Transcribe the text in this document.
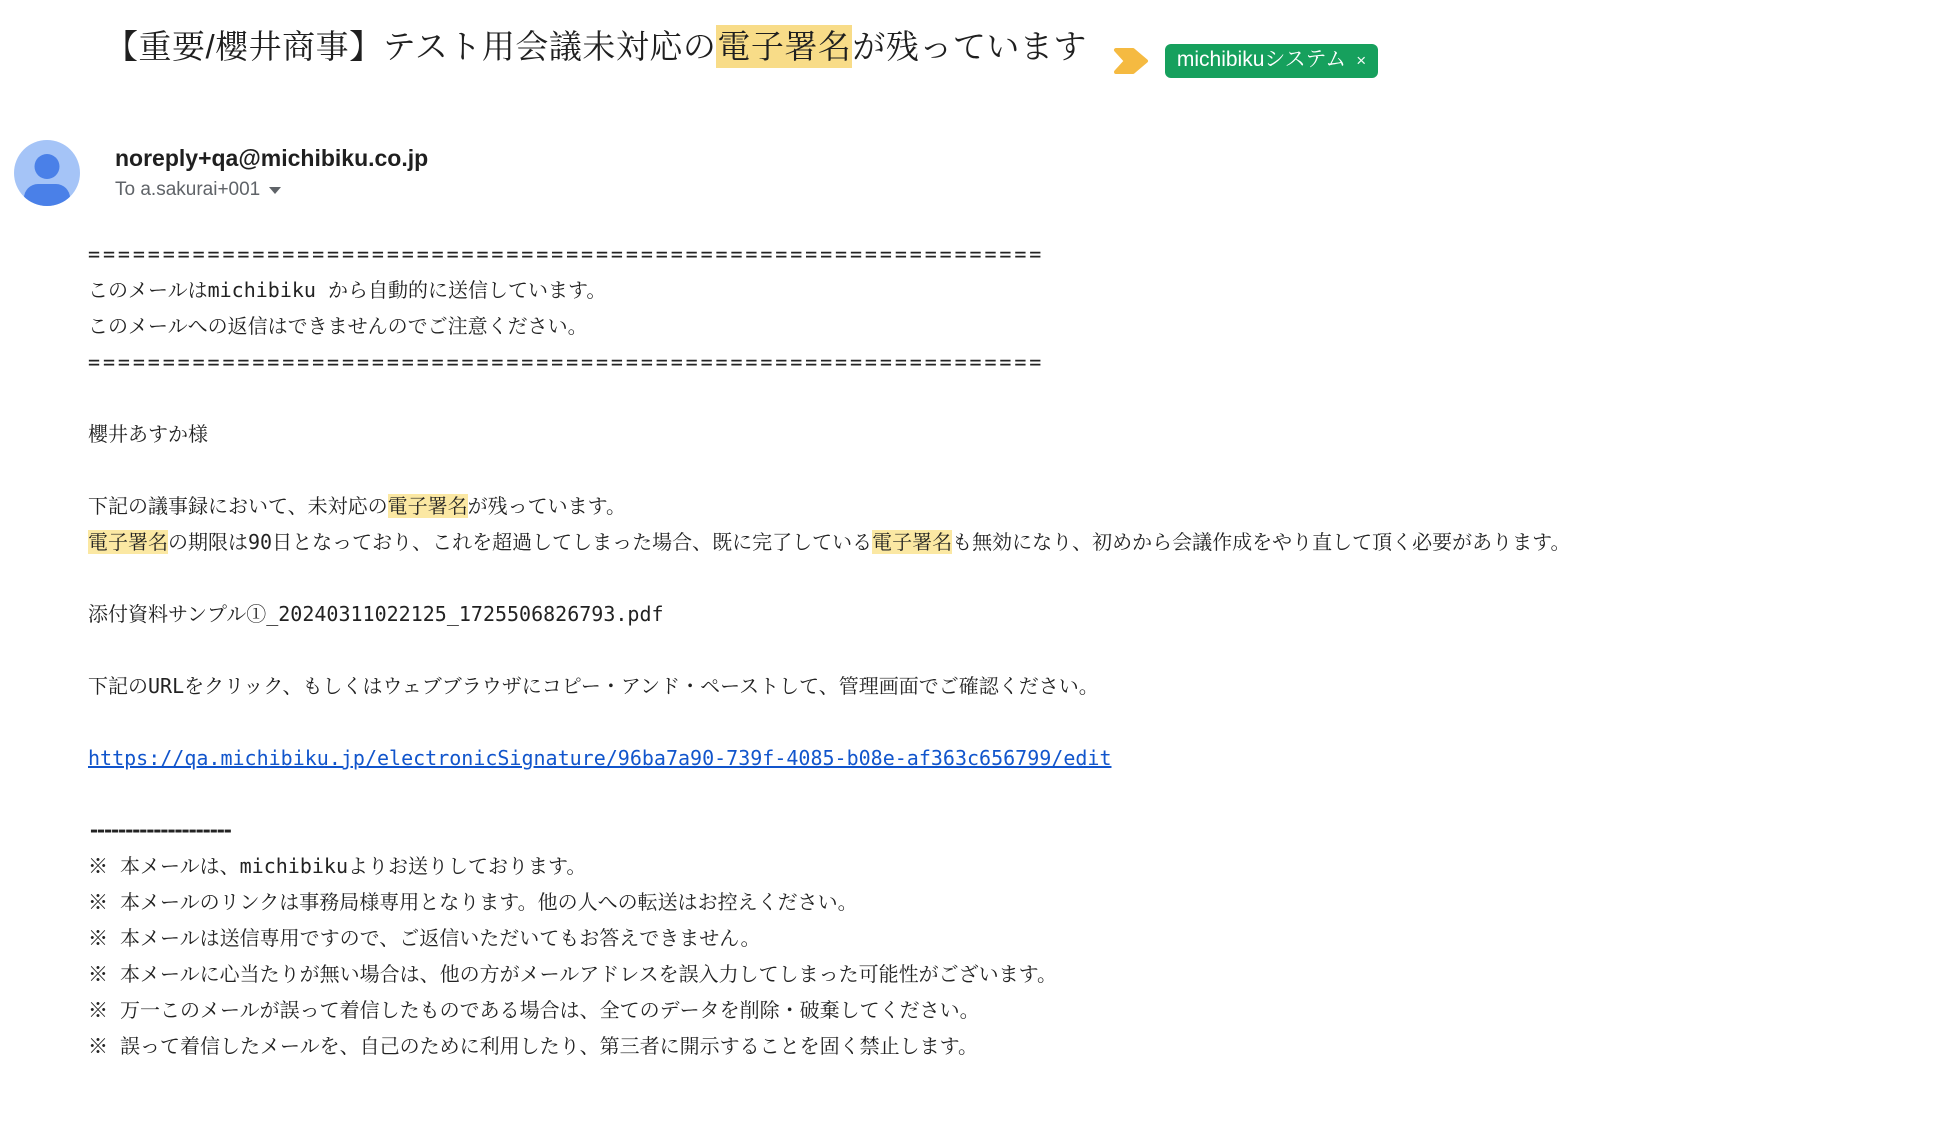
【重要/櫻井商事】テスト用会議未対応の電子署名が残っています	michibikuシステム ×
noreply+qa@michibiku.co.jp
To a.sakurai+001
================================================================
このメールはmichibiku から自動的に送信しています。
このメールへの返信はできませんのでご注意ください。
================================================================
櫻井あすか様
下記の議事録において、未対応の電子署名が残っています。
電子署名の期限は90日となっており、これを超過してしまった場合、既に完了している電子署名も無効になり、初めから会議作成をやり直して頂く必要があります。
添付資料サンプル①_20240311022125_1725506826793.pdf
下記のURLをクリック、もしくはウェブブラウザにコピー・アンド・ペーストして、管理画面でご確認ください。
https://qa.michibiku.jp/electronicSignature/96ba7a90-739f-4085-b08e-af363c656799/edit
--------------------
※ 本メールは、michibikuよりお送りしております。
※ 本メールのリンクは事務局様専用となります。他の人への転送はお控えください。
※ 本メールは送信専用ですので、ご返信いただいてもお答えできません。
※ 本メールに心当たりが無い場合は、他の方がメールアドレスを誤入力してしまった可能性がございます。
※ 万一このメールが誤って着信したものである場合は、全てのデータを削除・破棄してください。
※ 誤って着信したメールを、自己のために利用したり、第三者に開示することを固く禁止します。
